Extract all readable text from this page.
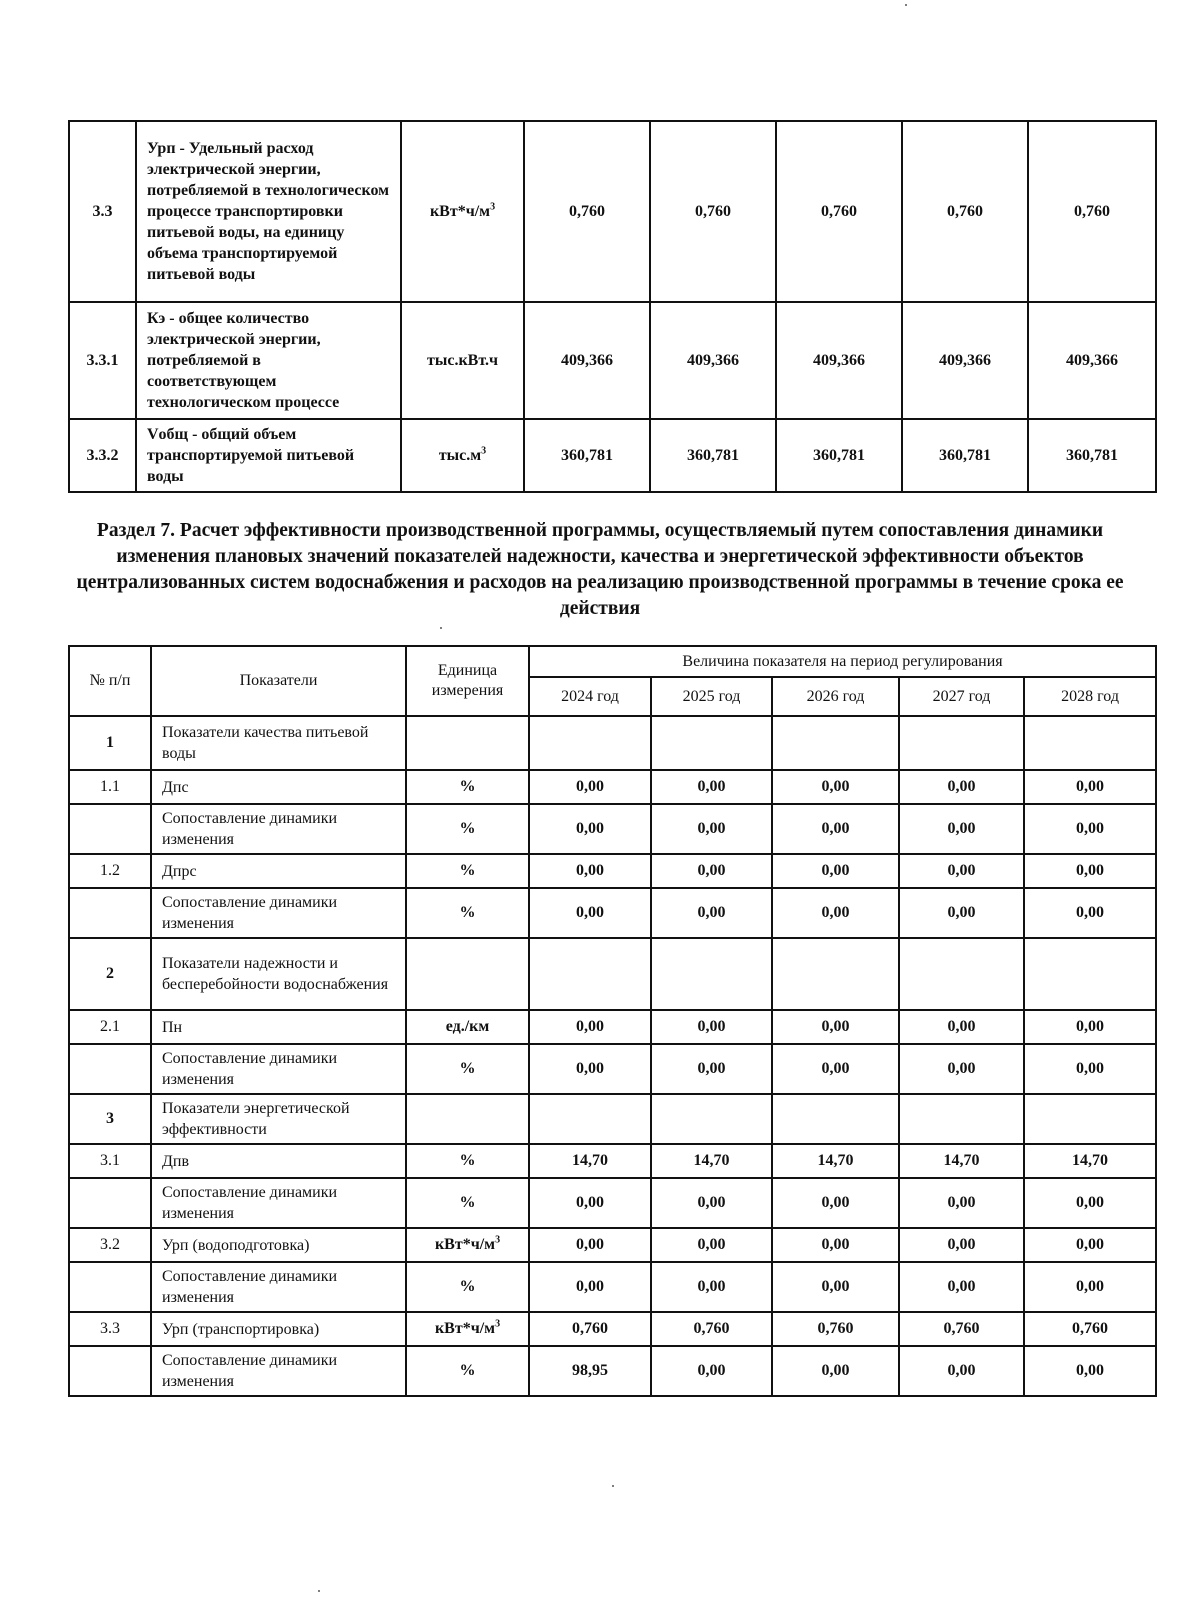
3.3	Урп - Удельный расход электрической энергии, потребляемой в технологическом процессе транспортировки питьевой воды, на единицу объема транспортируемой питьевой воды	$кВт*ч/м^3$	0,760	0,760	0,760	0,760	0,760
3.3.1	Кэ - общее количество электрической энергии, потребляемой в соответствующем технологическом процессе	тыс.кВт.ч	409,366	409,366	409,366	409,366	409,366
3.3.2	Vобщ - общий объем транспортируемой питьевой воды	$тыс.м^3$	360,781	360,781	360,781	360,781	360,781
Раздел 7. Расчет эффективности производственной программы, осуществляемый путем сопоставления динамики изменения плановых значений показателей надежности, качества и энергетической эффективности объектов централизованных систем водоснабжения и расходов на реализацию производственной программы в течение срока ее действия
№ п/п	Показатели	Единица измерения	Величина показателя на период регулирования				
			2024 год	2025 год	2026 год	2027 год	2028 год
1	Показатели качества питьевой воды						
1.1	Дпс	%	0,00	0,00	0,00	0,00	0,00
	Сопоставление динамики изменения	%	0,00	0,00	0,00	0,00	0,00
1.2	Дпрс	%	0,00	0,00	0,00	0,00	0,00
	Сопоставление динамики изменения	%	0,00	0,00	0,00	0,00	0,00
2	Показатели надежности и бесперебойности водоснабжения						
2.1	Пн	ед./км	0,00	0,00	0,00	0,00	0,00
	Сопоставление динамики изменения	%	0,00	0,00	0,00	0,00	0,00
3	Показатели энергетической эффективности						
3.1	Дпв	%	14,70	14,70	14,70	14,70	14,70
	Сопоставление динамики изменения	%	0,00	0,00	0,00	0,00	0,00
3.2	Урп (водоподготовка)	$кВт*ч/м^3$	0,00	0,00	0,00	0,00	0,00
	Сопоставление динамики изменения	%	0,00	0,00	0,00	0,00	0,00
3.3	Урп (транспортировка)	$кВт*ч/м^3$	0,760	0,760	0,760	0,760	0,760
	Сопоставление динамики изменения	%	98,95	0,00	0,00	0,00	0,00
